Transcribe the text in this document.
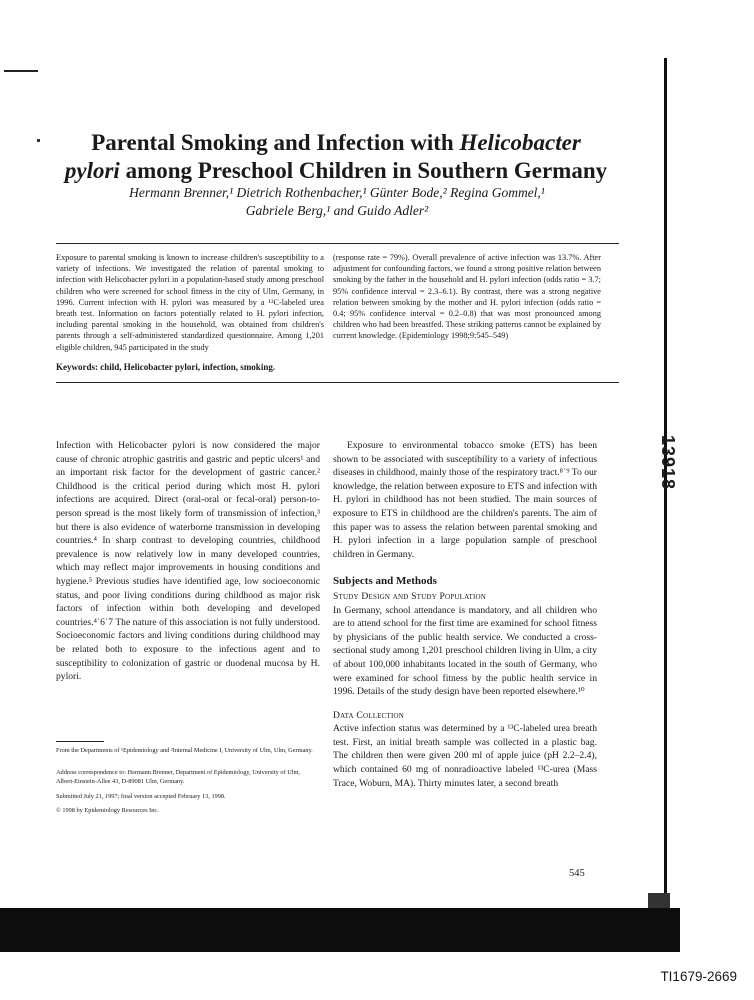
13918
Parental Smoking and Infection with Helicobacter
pylori among Preschool Children in Southern Germany
Hermann Brenner,¹ Dietrich Rothenbacher,¹ Günter Bode,² Regina Gommel,¹
Gabriele Berg,¹ and Guido Adler²

Exposure to parental smoking is known to increase children's susceptibility to a variety of infections. We investigated the relation of parental smoking to infection with Helicobacter pylori in a population-based study among preschool children who were screened for school fitness in the city of Ulm, Germany, in 1996. Current infection with H. pylori was measured by a ¹³C-labeled urea breath test. Information on factors potentially related to H. pylori infection, including parental smoking in the household, was obtained from children's parents through a self-administered standardized questionnaire. Among 1,201 eligible children, 945 participated in the study

(response rate = 79%). Overall prevalence of active infection was 13.7%. After adjustment for confounding factors, we found a strong positive relation between smoking by the father in the household and H. pylori infection (odds ratio = 3.7; 95% confidence interval = 2.3–6.1). By contrast, there was a strong negative relation between smoking by the mother and H. pylori infection (odds ratio = 0.4; 95% confidence interval = 0.2–0.8) that was most pronounced among children who had been breastfed. These striking patterns cannot be explained by current knowledge. (Epidemiology 1998;9:545–549)

Keywords: child, Helicobacter pylori, infection, smoking.

Infection with Helicobacter pylori is now considered the major cause of chronic atrophic gastritis and gastric and peptic ulcers¹ and an important risk factor for the development of gastric cancer.² Childhood is the critical period during which most H. pylori infections are acquired. Direct (oral-oral or fecal-oral) person-to-person spread is the most likely form of transmission of infection,³ but there is also evidence of waterborne transmission in developing countries.⁴ In sharp contrast to developing countries, childhood prevalence is now relatively low in many developed countries, which may reflect major improvements in housing conditions and hygiene.⁵ Previous studies have identified age, low socioeconomic status, and poor living conditions during childhood as major risk factors of infection within both developing and developed countries.⁴˙6˙7 The nature of this association is not fully understood. Socioeconomic factors and living conditions during childhood may be related both to exposure to the infectious agent and to susceptibility to colonization of gastric or duodenal mucosa by H. pylori.

Exposure to environmental tobacco smoke (ETS) has been shown to be associated with susceptibility to a variety of infectious diseases in childhood, mainly those of the respiratory tract.⁸˙⁹ To our knowledge, the relation between exposure to ETS and infection with H. pylori in childhood has not been studied. The main sources of exposure to ETS in childhood are the children's parents. The aim of this paper was to assess the relation between parental smoking and H. pylori infection in a large population sample of preschool children in Germany.

Subjects and Methods

Study Design and Study Population

In Germany, school attendance is mandatory, and all children who are to attend school for the first time are examined for school fitness by physicians of the public health service. We conducted a cross-sectional study among 1,201 preschool children living in Ulm, a city of about 100,000 inhabitants located in the south of Germany, who were examined for school fitness by the public health service in 1996. Details of the study design have been reported elsewhere.¹⁰

Data Collection

Active infection status was determined by a ¹³C-labeled urea breath test. First, an initial breath sample was collected in a plastic bag. The children then were given 200 ml of apple juice (pH 2.2–2.4), which contained 60 mg of nonradioactive labeled ¹³C-urea (Mass Trace, Woburn, MA). Thirty minutes later, a second breath

From the Departments of ¹Epidemiology and ²Internal Medicine I, University of Ulm, Ulm, Germany.

Address correspondence to: Hermann Brenner, Department of Epidemiology, University of Ulm, Albert-Einstein-Allee 43, D-89081 Ulm, Germany.

Submitted July 21, 1997; final version accepted February 13, 1998.

© 1998 by Epidemiology Resources Inc.

545
TI1679-2669
